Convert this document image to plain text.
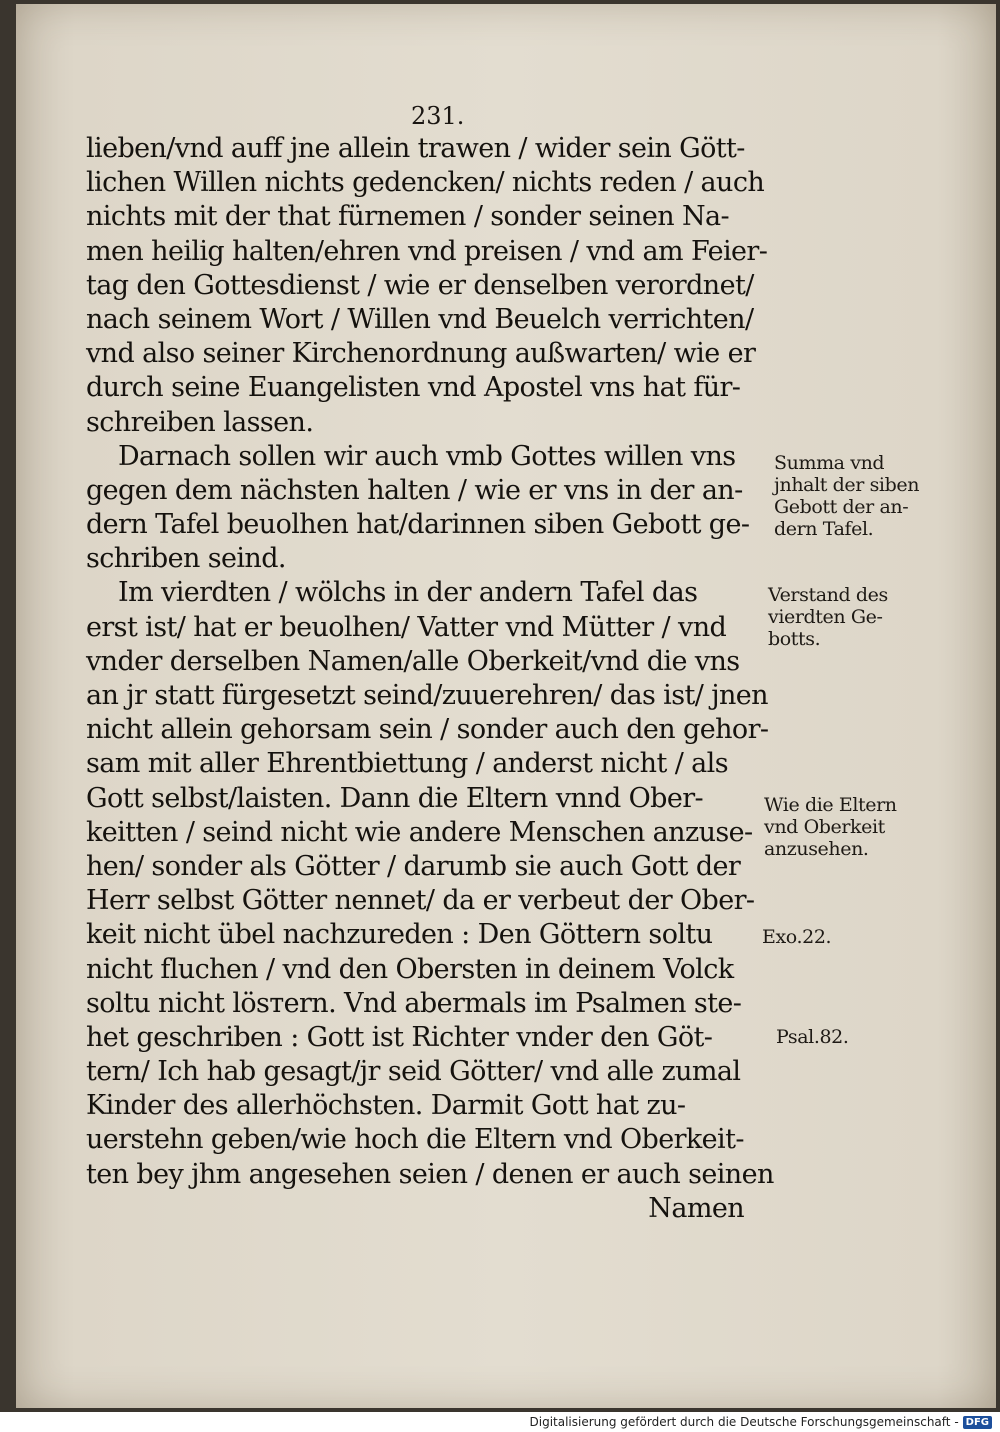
231.

lieben/vnd auff jne allein trawen / wider sein Gött-
lichen Willen nichts gedencken/ nichts reden / auch
nichts mit der that fürnemen / sonder seinen Na-
men heilig halten/ehren vnd preisen / vnd am Feier-
tag den Gottesdienst / wie er denselben verordnet/
nach seinem Wort / Willen vnd Beuelch verrichten/
vnd also seiner Kirchenordnung außwarten/ wie er
durch seine Euangelisten vnd Apostel vns hat für-
schreiben lassen.
Darnach sollen wir auch vmb Gottes willen vns
gegen dem nächsten halten / wie er vns in der an-
dern Tafel beuolhen hat/darinnen siben Gebott ge-
schriben seind.
Im vierdten / wölchs in der andern Tafel das
erst ist/ hat er beuolhen/ Vatter vnd Mütter / vnd
vnder derselben Namen/alle Oberkeit/vnd die vns
an jr statt fürgesetzt seind/zuuerehren/ das ist/ jnen
nicht allein gehorsam sein / sonder auch den gehor-
sam mit aller Ehrentbiettung / anderst nicht / als
Gott selbst/laisten. Dann die Eltern vnnd Ober-
keitten / seind nicht wie andere Menschen anzuse-
hen/ sonder als Götter / darumb sie auch Gott der
Herr selbst Götter nennet/ da er verbeut der Ober-
keit nicht übel nachzureden : Den Göttern soltu
nicht fluchen / vnd den Obersten in deinem Volck
soltu nicht lösтern. Vnd abermals im Psalmen ste-
het geschriben : Gott ist Richter vnder den Göt-
tern/ Ich hab gesagt/jr seid Götter/ vnd alle zumal
Kinder des allerhöchsten. Darmit Gott hat zu-
uerstehn geben/wie hoch die Eltern vnd Oberkeit-
ten bey jhm angesehen seien / denen er auch seinen
Namen
Summa vnd
jnhalt der siben
Gebott der an-
dern Tafel.
Verstand des
vierdten Ge-
botts.
Wie die Eltern
vnd Oberkeit
anzusehen.
Exo.22.
Psal.82.
Digitalisierung gefördert durch die Deutsche Forschungsgemeinschaft - DFG
